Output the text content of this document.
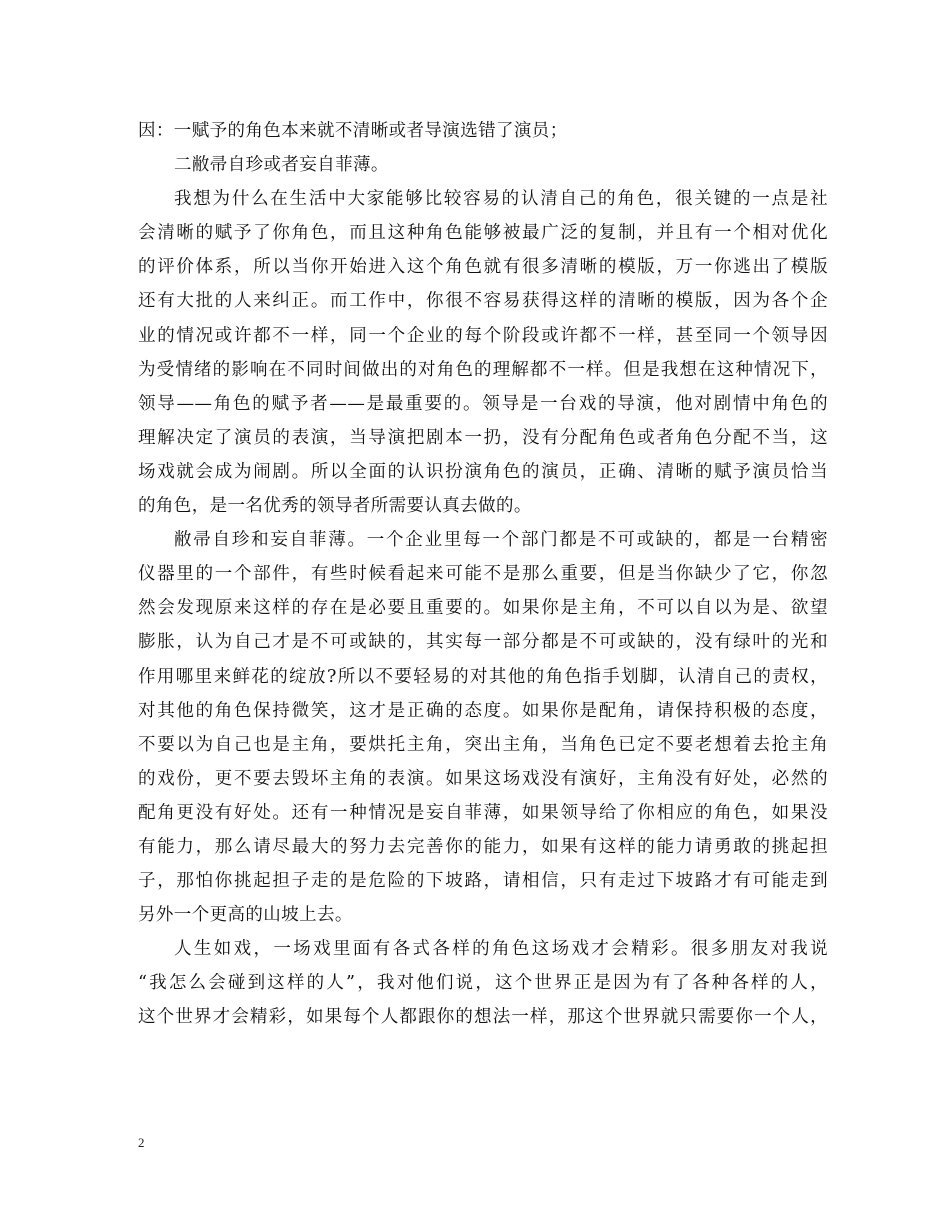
因：一赋予的角色本来就不清晰或者导演选错了演员；
二敝帚自珍或者妄自菲薄。
我想为什么在生活中大家能够比较容易的认清自己的角色，很关键的一点是社
会清晰的赋予了你角色，而且这种角色能够被最广泛的复制，并且有一个相对优化
的评价体系，所以当你开始进入这个角色就有很多清晰的模版，万一你逃出了模版
还有大批的人来纠正。而工作中，你很不容易获得这样的清晰的模版，因为各个企
业的情况或许都不一样，同一个企业的每个阶段或许都不一样，甚至同一个领导因
为受情绪的影响在不同时间做出的对角色的理解都不一样。但是我想在这种情况下，
领导——角色的赋予者——是最重要的。领导是一台戏的导演，他对剧情中角色的
理解决定了演员的表演，当导演把剧本一扔，没有分配角色或者角色分配不当，这
场戏就会成为闹剧。所以全面的认识扮演角色的演员，正确、清晰的赋予演员恰当
的角色，是一名优秀的领导者所需要认真去做的。
敝帚自珍和妄自菲薄。一个企业里每一个部门都是不可或缺的，都是一台精密
仪器里的一个部件，有些时候看起来可能不是那么重要，但是当你缺少了它，你忽
然会发现原来这样的存在是必要且重要的。如果你是主角，不可以自以为是、欲望
膨胀，认为自己才是不可或缺的，其实每一部分都是不可或缺的，没有绿叶的光和
作用哪里来鲜花的绽放?所以不要轻易的对其他的角色指手划脚，认清自己的责权，
对其他的角色保持微笑，这才是正确的态度。如果你是配角，请保持积极的态度，
不要以为自己也是主角，要烘托主角，突出主角，当角色已定不要老想着去抢主角
的戏份，更不要去毁坏主角的表演。如果这场戏没有演好，主角没有好处，必然的
配角更没有好处。还有一种情况是妄自菲薄，如果领导给了你相应的角色，如果没
有能力，那么请尽最大的努力去完善你的能力，如果有这样的能力请勇敢的挑起担
子，那怕你挑起担子走的是危险的下坡路，请相信，只有走过下坡路才有可能走到
另外一个更高的山坡上去。
人生如戏，一场戏里面有各式各样的角色这场戏才会精彩。很多朋友对我说
“我怎么会碰到这样的人”，我对他们说，这个世界正是因为有了各种各样的人，
这个世界才会精彩，如果每个人都跟你的想法一样，那这个世界就只需要你一个人，
2
